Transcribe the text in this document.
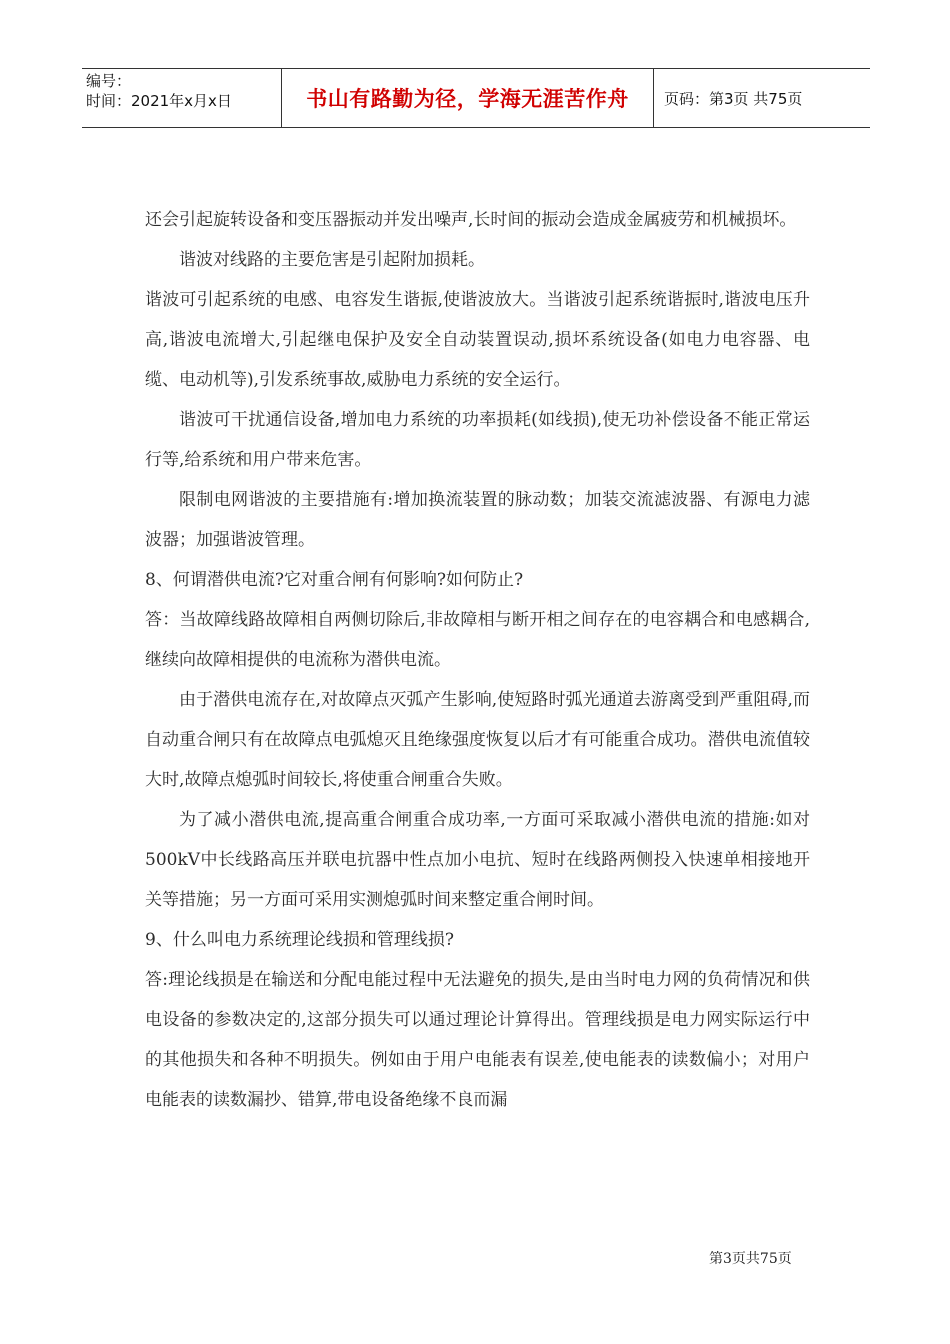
编号：
时间：2021年x月x日	书山有路勤为径，学海无涯苦作舟	页码：第3页 共75页

还会引起旋转设备和变压器振动并发出噪声,长时间的振动会造成金属疲劳和机械损坏。

谐波对线路的主要危害是引起附加损耗。

谐波可引起系统的电感、电容发生谐振,使谐波放大。当谐波引起系统谐振时,谐波电压升高,谐波电流增大,引起继电保护及安全自动装置误动,损坏系统设备(如电力电容器、电缆、电动机等),引发系统事故,威胁电力系统的安全运行。

谐波可干扰通信设备,增加电力系统的功率损耗(如线损),使无功补偿设备不能正常运行等,给系统和用户带来危害。

限制电网谐波的主要措施有:增加换流装置的脉动数；加装交流滤波器、有源电力滤波器；加强谐波管理。

8、何谓潜供电流?它对重合闸有何影响?如何防止?

答：当故障线路故障相自两侧切除后,非故障相与断开相之间存在的电容耦合和电感耦合,继续向故障相提供的电流称为潜供电流。

由于潜供电流存在,对故障点灭弧产生影响,使短路时弧光通道去游离受到严重阻碍,而自动重合闸只有在故障点电弧熄灭且绝缘强度恢复以后才有可能重合成功。潜供电流值较大时,故障点熄弧时间较长,将使重合闸重合失败。

为了减小潜供电流,提高重合闸重合成功率,一方面可采取减小潜供电流的措施:如对500kV中长线路高压并联电抗器中性点加小电抗、短时在线路两侧投入快速单相接地开关等措施；另一方面可采用实测熄弧时间来整定重合闸时间。

9、什么叫电力系统理论线损和管理线损?

答:理论线损是在输送和分配电能过程中无法避免的损失,是由当时电力网的负荷情况和供电设备的参数决定的,这部分损失可以通过理论计算得出。管理线损是电力网实际运行中的其他损失和各种不明损失。例如由于用户电能表有误差,使电能表的读数偏小；对用户电能表的读数漏抄、错算,带电设备绝缘不良而漏

第3页共75页
